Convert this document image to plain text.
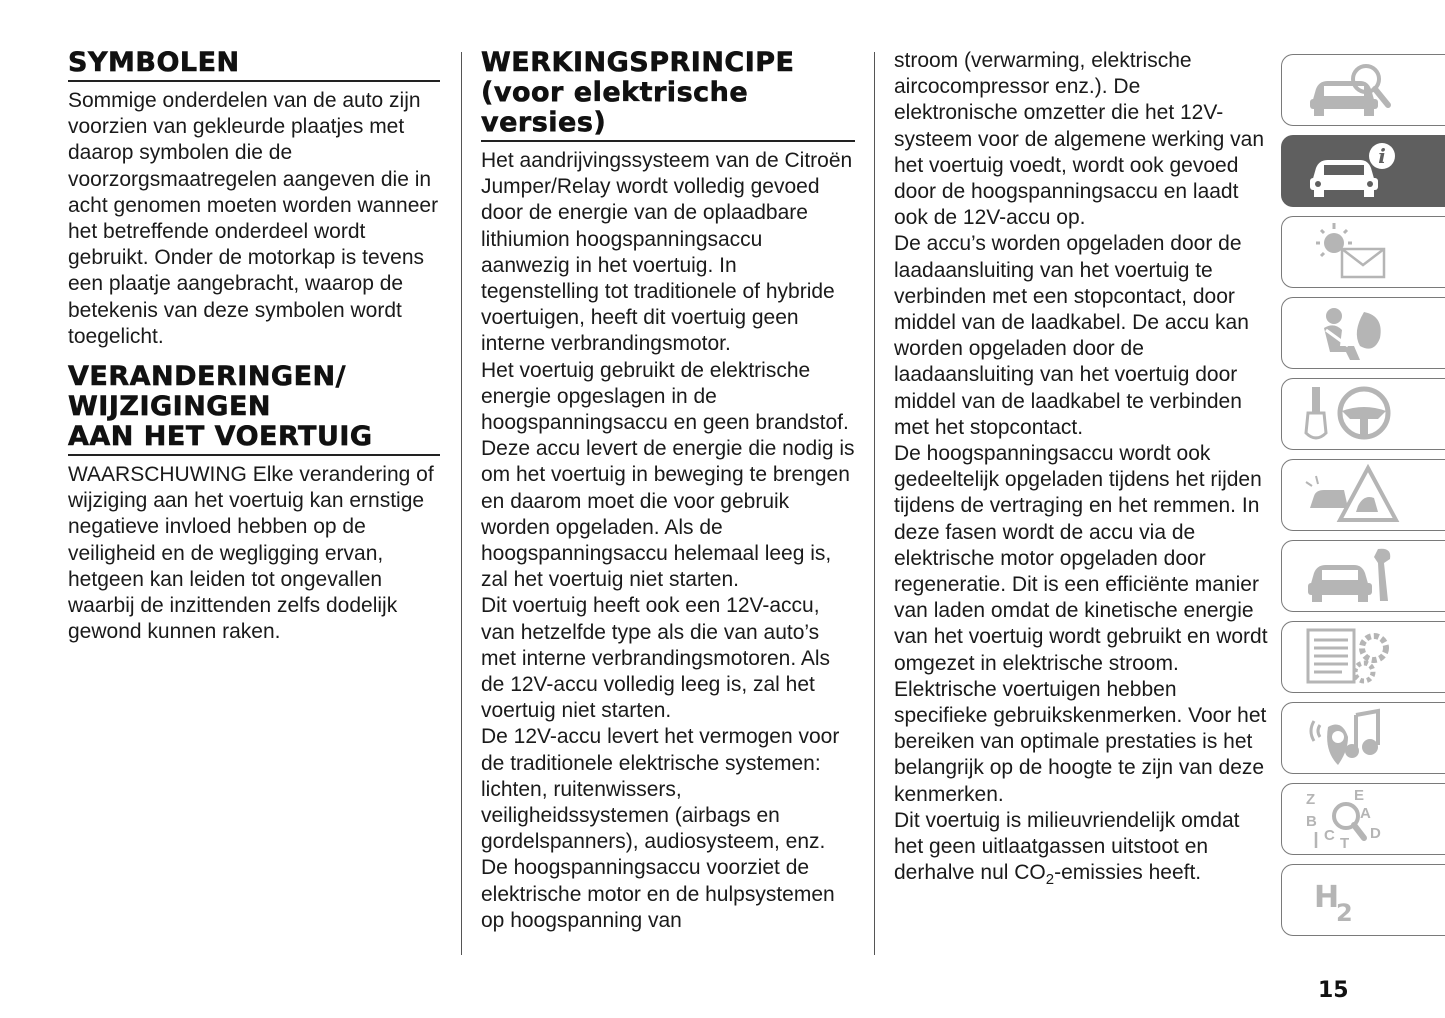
SYMBOLEN

Sommige onderdelen van de auto zijn voorzien van gekleurde plaatjes met daarop symbolen die de voorzorgsmaatregelen aangeven die in acht genomen moeten worden wanneer het betreffende onderdeel wordt gebruikt. Onder de motorkap is tevens een plaatje aangebracht, waarop de betekenis van deze symbolen wordt toegelicht.

VERANDERINGEN/
WIJZIGINGEN
AAN HET VOERTUIG

WAARSCHUWING Elke verandering of wijziging aan het voertuig kan ernstige negatieve invloed hebben op de veiligheid en de wegligging ervan, hetgeen kan leiden tot ongevallen waarbij de inzittenden zelfs dodelijk gewond kunnen raken.

WERKINGSPRINCIPE
(voor elektrische
versies)

Het aandrijvingssysteem van de Citroën Jumper/Relay wordt volledig gevoed door de energie van de oplaadbare lithiumion hoogspanningsaccu aanwezig in het voertuig. In tegenstelling tot traditionele of hybride voertuigen, heeft dit voertuig geen interne verbrandingsmotor.

Het voertuig gebruikt de elektrische energie opgeslagen in de hoogspanningsaccu en geen brandstof. Deze accu levert de energie die nodig is om het voertuig in beweging te brengen en daarom moet die voor gebruik worden opgeladen. Als de hoogspanningsaccu helemaal leeg is, zal het voertuig niet starten.

Dit voertuig heeft ook een 12V-accu, van hetzelfde type als die van auto’s met interne verbrandingsmotoren. Als de 12V-accu volledig leeg is, zal het voertuig niet starten.

De 12V-accu levert het vermogen voor de traditionele elektrische systemen: lichten, ruitenwissers, veiligheidssystemen (airbags en gordelspanners), audiosysteem, enz.

De hoogspanningsaccu voorziet de elektrische motor en de hulpsystemen op hoogspanning van

stroom (verwarming, elektrische aircocompressor enz.). De elektronische omzetter die het 12V-systeem voor de algemene werking van het voertuig voedt, wordt ook gevoed door de hoogspanningsaccu en laadt ook de 12V-accu op.

De accu’s worden opgeladen door de laadaansluiting van het voertuig te verbinden met een stopcontact, door middel van de laadkabel. De accu kan worden opgeladen door de laadaansluiting van het voertuig door middel van de laadkabel te verbinden met het stopcontact.

De hoogspanningsaccu wordt ook gedeeltelijk opgeladen tijdens het rijden tijdens de vertraging en het remmen. In deze fasen wordt de accu via de elektrische motor opgeladen door regeneratie. Dit is een efficiënte manier van laden omdat de kinetische energie van het voertuig wordt gebruikt en wordt omgezet in elektrische stroom.

Elektrische voertuigen hebben specifieke gebruikskenmerken. Voor het bereiken van optimale prestaties is het belangrijk op de hoogte te zijn van deze kenmerken.

Dit voertuig is milieuvriendelijk omdat het geen uitlaatgassen uitstoot en derhalve nul $CO_2$-emissies heeft.

i
Z	E
B	A
D
C T
H
2
15
